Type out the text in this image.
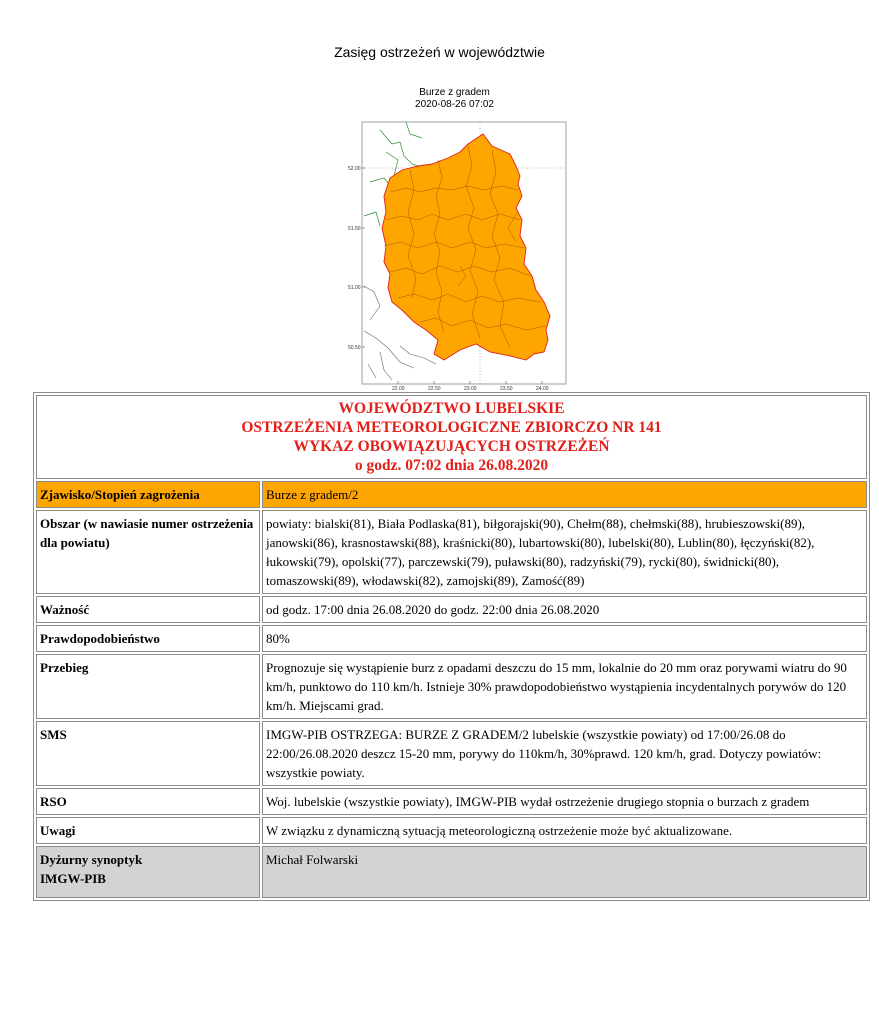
Zasięg ostrzeżeń w województwie
Burze z gradem
2020-08-26 07:02
52.00
51.50
51.00
50.50
22.00	22.50	23.00	23.50	24.00
WOJEWÓDZTWO LUBELSKIE
OSTRZEŻENIA METEOROLOGICZNE ZBIORCZO NR 141
WYKAZ OBOWIĄZUJĄCYCH OSTRZEŻEŃ
o godz. 07:02 dnia 26.08.2020	

Zjawisko/Stopień zagrożenia	Burze z gradem/2
Obszar (w nawiasie numer ostrzeżenia dla powiatu)	powiaty: bialski(81), Biała Podlaska(81), biłgorajski(90), Chełm(88), chełmski(88), hrubieszowski(89), janowski(86), krasnostawski(88), kraśnicki(80), lubartowski(80), lubelski(80), Lublin(80), łęczyński(82), łukowski(79), opolski(77), parczewski(79), puławski(80), radzyński(79), rycki(80), świdnicki(80), tomaszowski(89), włodawski(82), zamojski(89), Zamość(89)
Ważność	od godz. 17:00 dnia 26.08.2020 do godz. 22:00 dnia 26.08.2020
Prawdopodobieństwo	80%
Przebieg	Prognozuje się wystąpienie burz z opadami deszczu do 15 mm, lokalnie do 20 mm oraz porywami wiatru do 90 km/h, punktowo do 110 km/h. Istnieje 30% prawdopodobieństwo wystąpienia incydentalnych porywów do 120 km/h. Miejscami grad.
SMS	IMGW-PIB OSTRZEGA: BURZE Z GRADEM/2 lubelskie (wszystkie powiaty) od 17:00/26.08 do 22:00/26.08.2020 deszcz 15-20 mm, porywy do 110km/h, 30%prawd. 120 km/h, grad. Dotyczy powiatów: wszystkie powiaty.
RSO	Woj. lubelskie (wszystkie powiaty), IMGW-PIB wydał ostrzeżenie drugiego stopnia o burzach z gradem
Uwagi	W związku z dynamiczną sytuacją meteorologiczną ostrzeżenie może być aktualizowane.

Dyżurny synoptyk
IMGW-PIB	Michał Folwarski
